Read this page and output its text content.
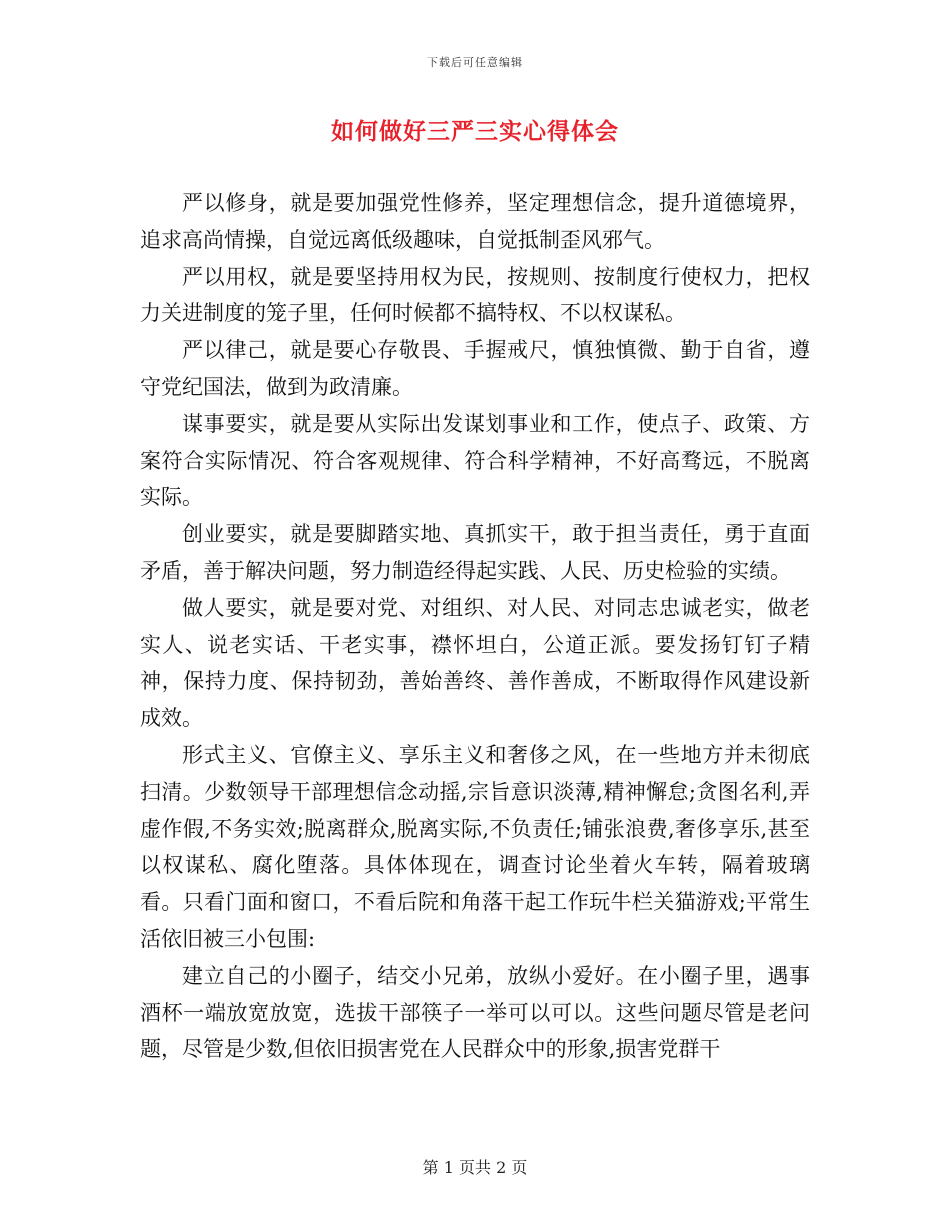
下载后可任意编辑
如何做好三严三实心得体会

严以修身，就是要加强党性修养，坚定理想信念，提升道德境界，追求高尚情操，自觉远离低级趣味，自觉抵制歪风邪气。

严以用权，就是要坚持用权为民，按规则、按制度行使权力，把权力关进制度的笼子里，任何时候都不搞特权、不以权谋私。

严以律己，就是要心存敬畏、手握戒尺，慎独慎微、勤于自省，遵守党纪国法，做到为政清廉。

谋事要实，就是要从实际出发谋划事业和工作，使点子、政策、方案符合实际情况、符合客观规律、符合科学精神，不好高骛远，不脱离实际。

创业要实，就是要脚踏实地、真抓实干，敢于担当责任，勇于直面矛盾，善于解决问题，努力制造经得起实践、人民、历史检验的实绩。

做人要实，就是要对党、对组织、对人民、对同志忠诚老实，做老实人、说老实话、干老实事，襟怀坦白，公道正派。要发扬钉钉子精神，保持力度、保持韧劲，善始善终、善作善成，不断取得作风建设新成效。

形式主义、官僚主义、享乐主义和奢侈之风，在一些地方并未彻底扫清。少数领导干部理想信念动摇,宗旨意识淡薄,精神懈怠;贪图名利,弄虚作假,不务实效;脱离群众,脱离实际,不负责任;铺张浪费,奢侈享乐,甚至以权谋私、腐化堕落。具体体现在，调查讨论坐着火车转，隔着玻璃看。只看门面和窗口，不看后院和角落干起工作玩牛栏关猫游戏;平常生活依旧被三小包围:

建立自己的小圈子，结交小兄弟，放纵小爱好。在小圈子里，遇事酒杯一端放宽放宽，选拔干部筷子一举可以可以。这些问题尽管是老问题，尽管是少数,但依旧损害党在人民群众中的形象,损害党群干

第 1 页共 2 页
